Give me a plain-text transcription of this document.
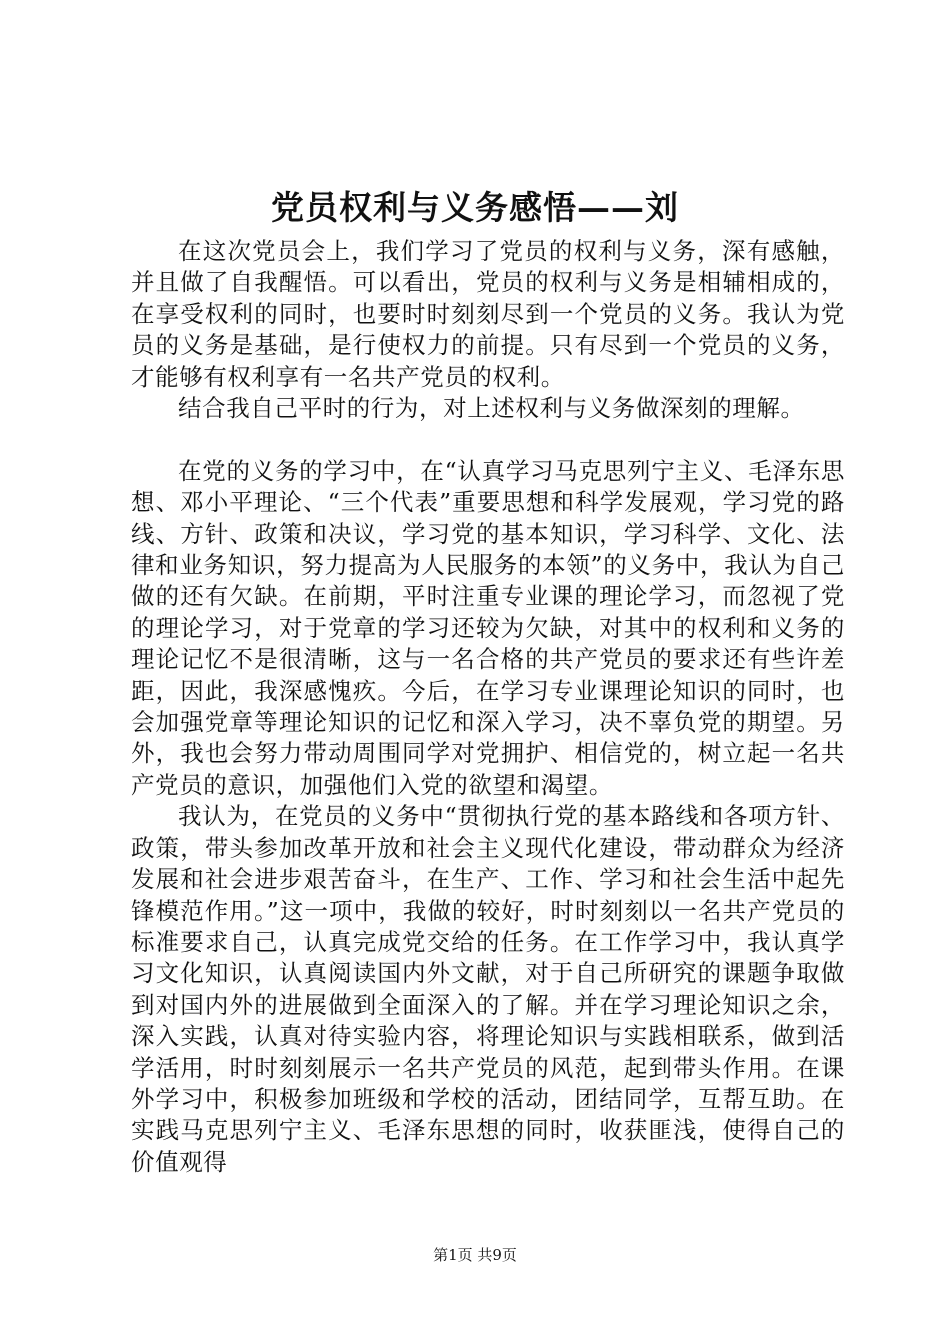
党员权利与义务感悟——刘

在这次党员会上，我们学习了党员的权利与义务，深有感触，并且做了自我醒悟。可以看出，党员的权利与义务是相辅相成的，在享受权利的同时，也要时时刻刻尽到一个党员的义务。我认为党员的义务是基础，是行使权力的前提。只有尽到一个党员的义务，才能够有权利享有一名共产党员的权利。

结合我自己平时的行为，对上述权利与义务做深刻的理解。

在党的义务的学习中，在“认真学习马克思列宁主义、毛泽东思想、邓小平理论、“三个代表”重要思想和科学发展观，学习党的路线、方针、政策和决议，学习党的基本知识，学习科学、文化、法律和业务知识，努力提高为人民服务的本领”的义务中，我认为自己做的还有欠缺。在前期，平时注重专业课的理论学习，而忽视了党的理论学习，对于党章的学习还较为欠缺，对其中的权利和义务的理论记忆不是很清晰，这与一名合格的共产党员的要求还有些许差距，因此，我深感愧疚。今后，在学习专业课理论知识的同时，也会加强党章等理论知识的记忆和深入学习，决不辜负党的期望。另外，我也会努力带动周围同学对党拥护、相信党的，树立起一名共产党员的意识，加强他们入党的欲望和渴望。

我认为，在党员的义务中“贯彻执行党的基本路线和各项方针、政策，带头参加改革开放和社会主义现代化建设，带动群众为经济发展和社会进步艰苦奋斗，在生产、工作、学习和社会生活中起先锋模范作用。”这一项中，我做的较好，时时刻刻以一名共产党员的标准要求自己，认真完成党交给的任务。在工作学习中，我认真学习文化知识，认真阅读国内外文献，对于自己所研究的课题争取做到对国内外的进展做到全面深入的了解。并在学习理论知识之余，深入实践，认真对待实验内容，将理论知识与实践相联系，做到活学活用，时时刻刻展示一名共产党员的风范，起到带头作用。在课外学习中，积极参加班级和学校的活动，团结同学，互帮互助。在实践马克思列宁主义、毛泽东思想的同时，收获匪浅，使得自己的价值观得

第1页 共9页
